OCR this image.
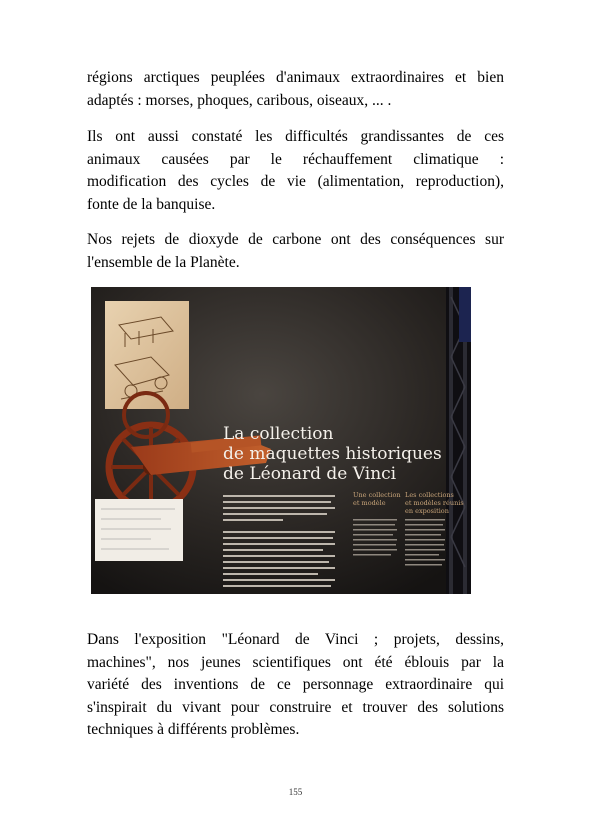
régions arctiques peuplées d'animaux extraordinaires et bien
adaptés : morses, phoques, caribous, oiseaux, ... .
Ils ont aussi constaté les difficultés grandissantes de ces
animaux causées par le réchauffement climatique :
modification des cycles de vie (alimentation, reproduction),
fonte de la banquise.
Nos rejets de dioxyde de carbone ont des conséquences sur
l'ensemble de la Planète.
La collection
de maquettes historiques
de Léonard de Vinci
Une collection
et modèle
Les collections
et modèles réunis
en exposition
Dans l'exposition "Léonard de Vinci ; projets, dessins,
machines", nos jeunes scientifiques ont été éblouis par la
variété des inventions de ce personnage extraordinaire qui
s'inspirait du vivant pour construire et trouver des solutions
techniques à différents problèmes.
155
